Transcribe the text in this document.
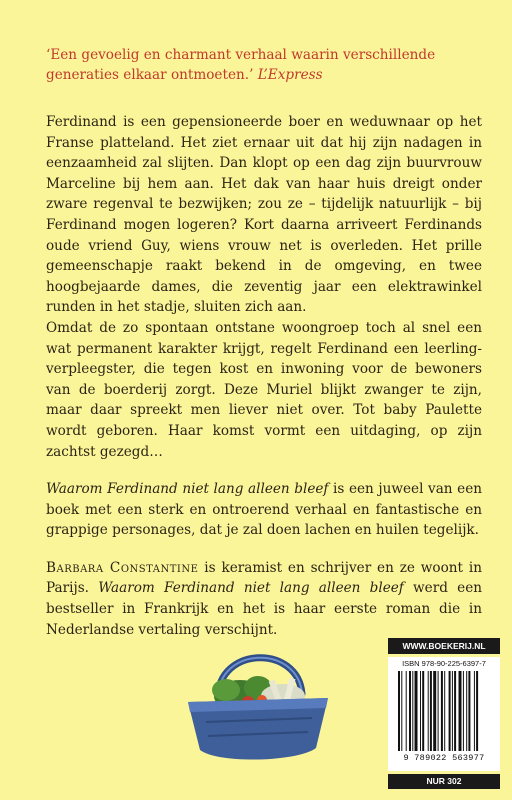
‘Een gevoelig en charmant verhaal waarin verschillende generaties elkaar ontmoeten.’ L’Express

Ferdinand is een gepensioneerde boer en weduwnaar op het Franse platteland. Het ziet ernaar uit dat hij zijn nadagen in eenzaamheid zal slijten. Dan klopt op een dag zijn buurvrouw Marceline bij hem aan. Het dak van haar huis dreigt onder zware regenval te bezwijken; zou ze – tijdelijk natuurlijk – bij Ferdinand mogen logeren? Kort daarna arriveert Ferdinands oude vriend Guy, wiens vrouw net is overleden. Het prille gemeenschapje raakt bekend in de omgeving, en twee hoogbejaarde dames, die zeventig jaar een elektrawinkel runden in het stadje, sluiten zich aan.

Omdat de zo spontaan ontstane woongroep toch al snel een wat permanent karakter krijgt, regelt Ferdinand een leerling-verpleegster, die tegen kost en inwoning voor de bewoners van de boerderij zorgt. Deze Muriel blijkt zwanger te zijn, maar daar spreekt men liever niet over. Tot baby Paulette wordt geboren. Haar komst vormt een uitdaging, op zijn zachtst gezegd…

Waarom Ferdinand niet lang alleen bleef is een juweel van een boek met een sterk en ontroerend verhaal en fantastische en grappige personages, dat je zal doen lachen en huilen tegelijk.

Barbara Constantine is keramist en schrijver en ze woont in Parijs. Waarom Ferdinand niet lang alleen bleef werd een bestseller in Frankrijk en het is haar eerste roman die in Nederlandse vertaling verschijnt.

WWW.BOEKERIJ.NL
ISBN 978-90-225-6397-7
9 789022 563977
NUR 302
